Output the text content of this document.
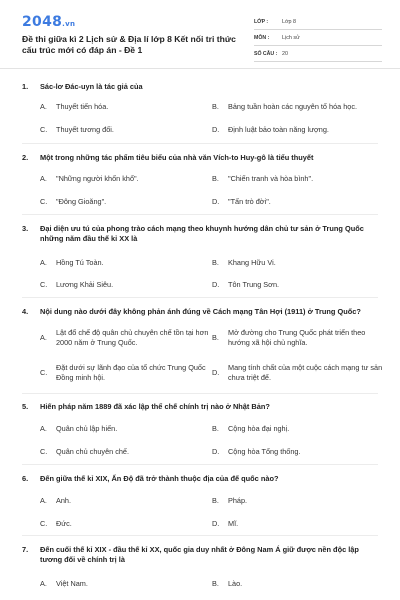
2048.vn
Đề thi giữa kì 2 Lịch sử & Địa lí lớp 8 Kết nối tri thức cấu trúc mới có đáp án - Đề 1
LỚP :	Lớp 8
MÔN :	Lịch sử
SỐ CÂU : 20
1.	Sác-lơ Đác-uyn là tác giả của
A.	Thuyết tiến hóa.	B.	Bảng tuần hoàn các nguyên tố hóa học.
C.	Thuyết tương đối.	D.	Định luật bảo toàn năng lượng.
2.	Một trong những tác phẩm tiêu biểu của nhà văn Vích-to Huy-gô là tiểu thuyết
A.	"Những người khốn khổ".	B.	"Chiến tranh và hòa bình".
C.	"Đông Gioăng".	D.	"Tấn trò đời".
3.	Đại diện ưu tú của phong trào cách mạng theo khuynh hướng dân chủ tư sản ở Trung Quốc những năm đầu thế kỉ XX là
A.	Hồng Tú Toàn.	B.	Khang Hữu Vi.
C.	Lương Khải Siêu.	D.	Tôn Trung Sơn.
4.	Nội dung nào dưới đây không phản ánh đúng về Cách mạng Tân Hợi (1911) ở Trung Quốc?
A.
Lật đổ chế độ quân chủ chuyên chế tồn tại hơn 2000 năm ở Trung Quốc.
B.
Mở đường cho Trung Quốc phát triển theo hướng xã hội chủ nghĩa.
C.
Đặt dưới sự lãnh đạo của tổ chức Trung Quốc Đồng minh hội.
D.
Mang tính chất của một cuộc cách mạng tư sản chưa triệt để.
5.	Hiến pháp năm 1889 đã xác lập thể chế chính trị nào ở Nhật Bản?
A.	Quân chủ lập hiến.	B.	Cộng hòa đại nghị.
C.	Quân chủ chuyên chế.	D.	Cộng hòa Tổng thống.
6.	Đến giữa thế kỉ XIX, Ấn Độ đã trở thành thuộc địa của đế quốc nào?
A.	Anh.	B.	Pháp.
C.	Đức.	D.	Mĩ.
7.	Đến cuối thế kỉ XIX - đầu thế kỉ XX, quốc gia duy nhất ở Đông Nam Á giữ được nền độc lập tương đối về chính trị là
A.	Việt Nam.	B.	Lào.
